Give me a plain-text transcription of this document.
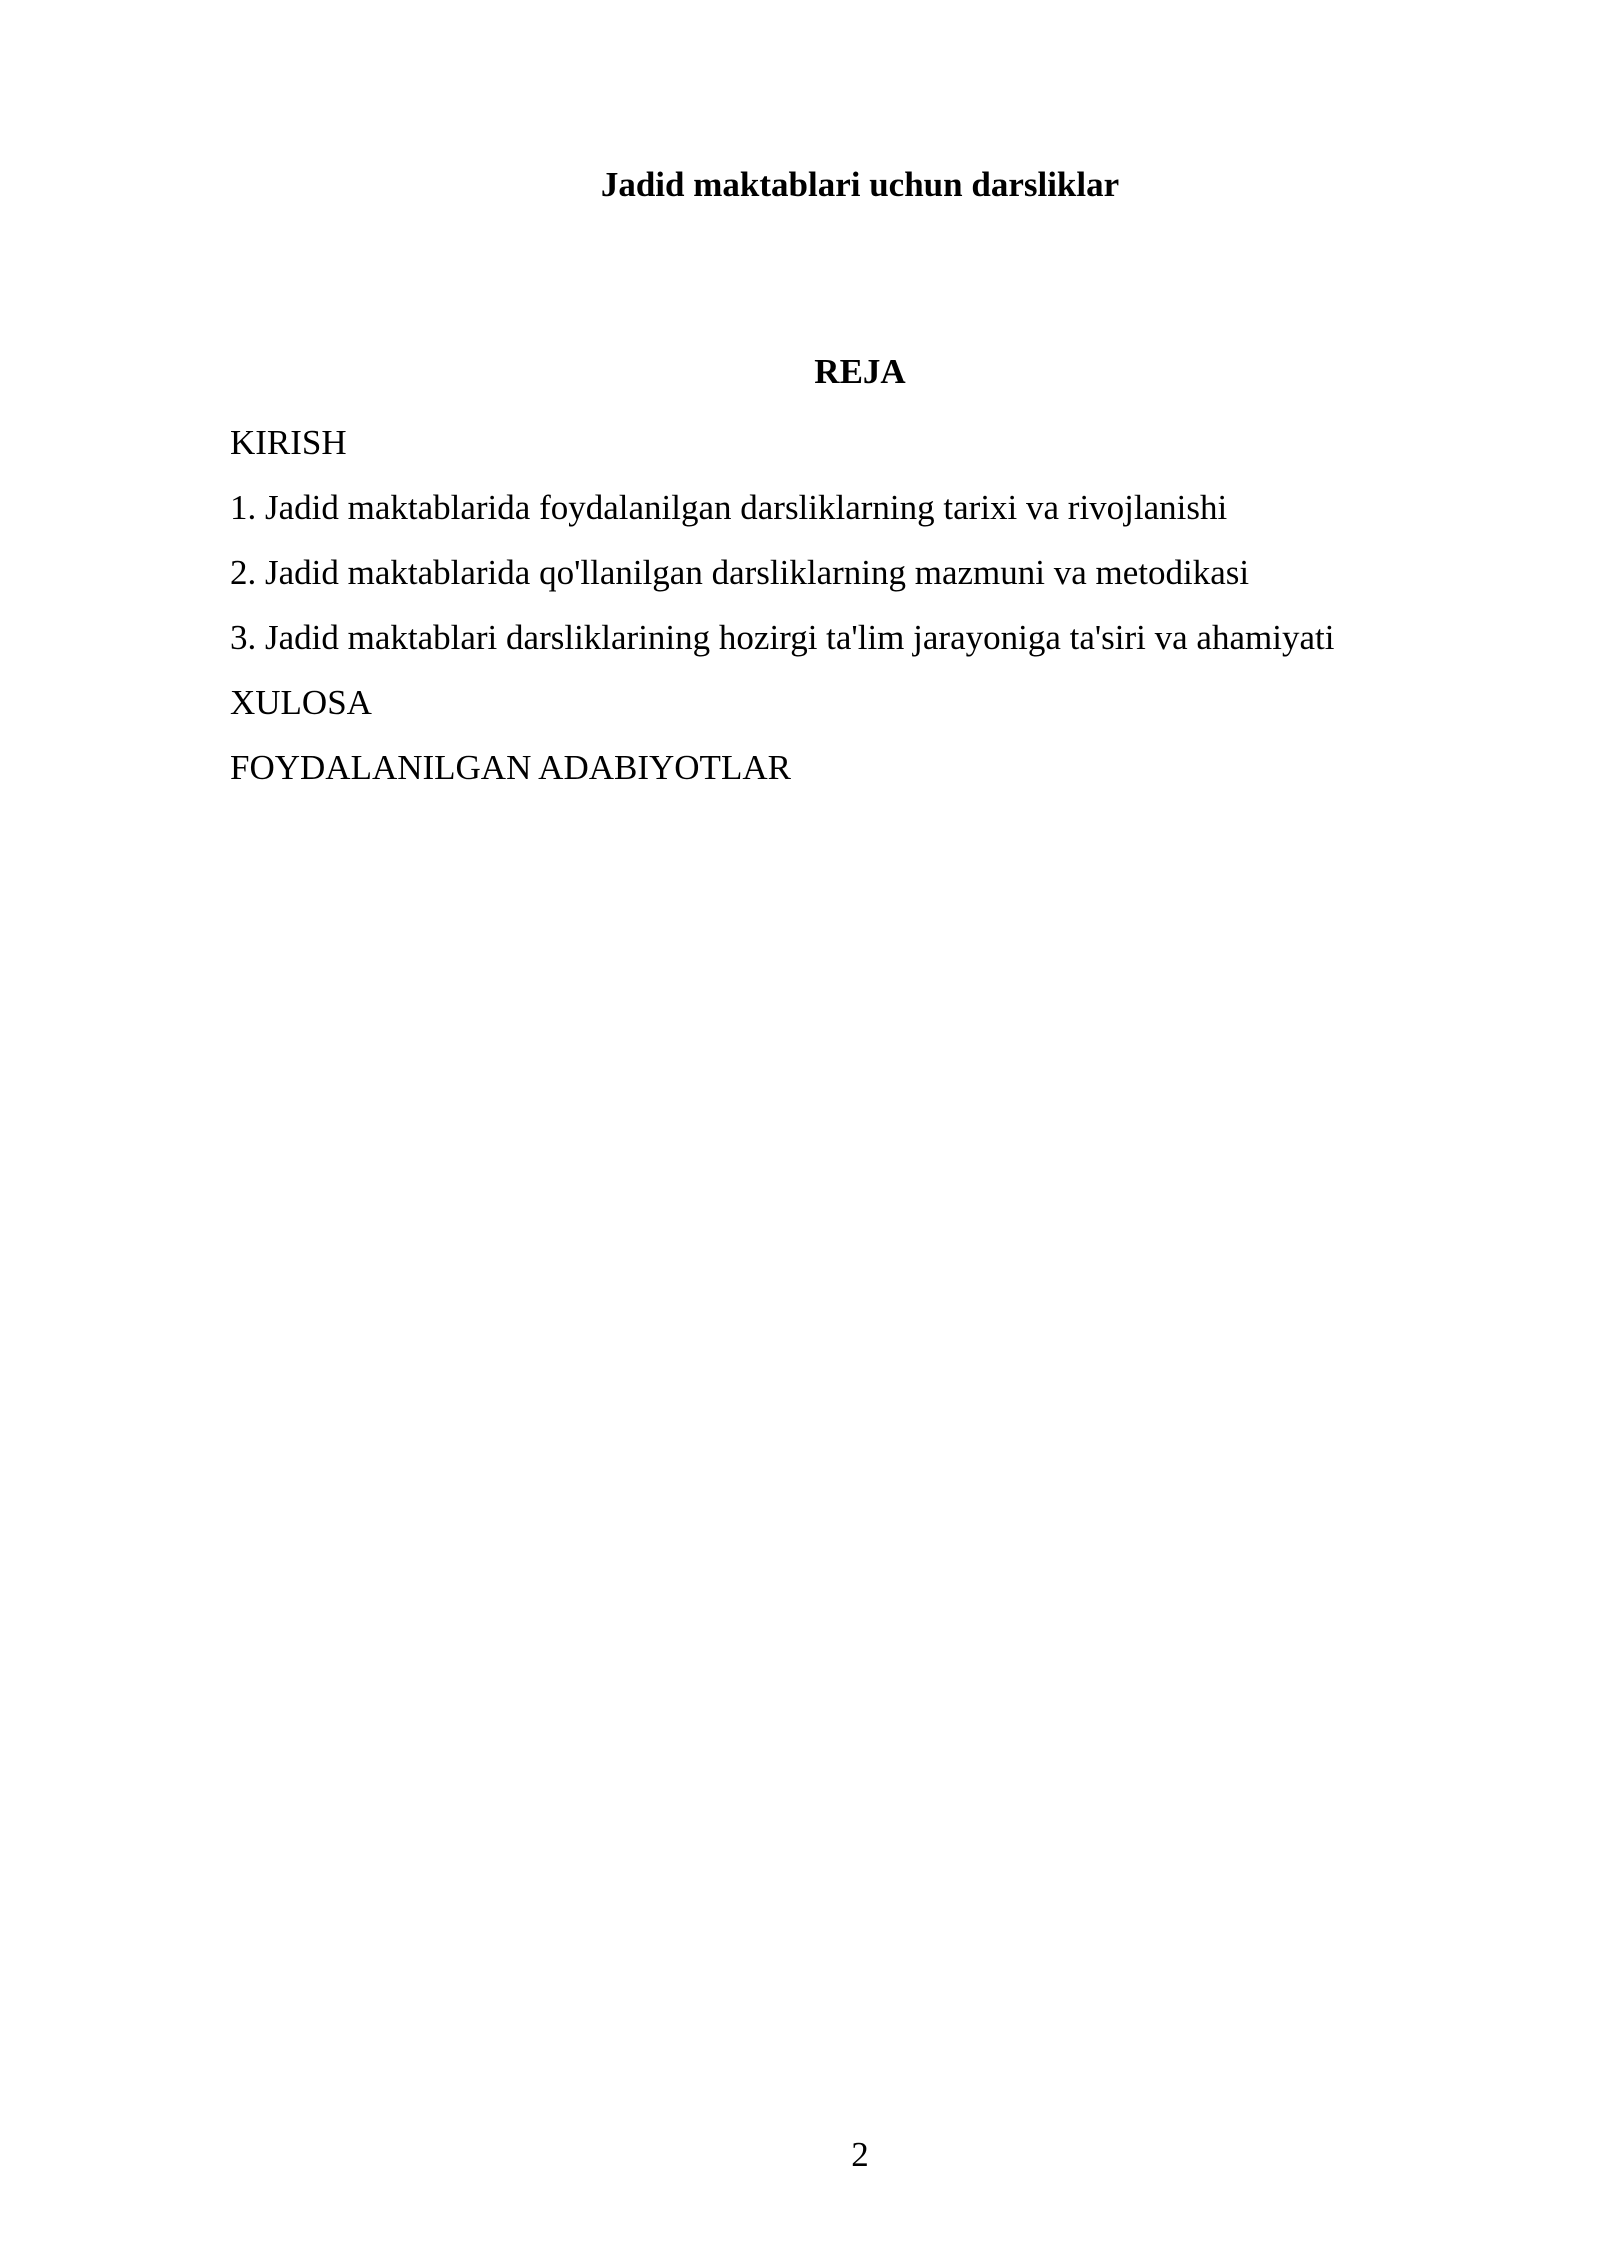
Jadid maktablari uchun darsliklar
REJA
KIRISH
1. Jadid maktablarida foydalanilgan darsliklarning tarixi va rivojlanishi
2. Jadid maktablarida qo'llanilgan darsliklarning mazmuni va metodikasi
3. Jadid maktablari darsliklarining hozirgi ta'lim jarayoniga ta'siri va ahamiyati
XULOSA
FOYDALANILGAN ADABIYOTLAR
2
